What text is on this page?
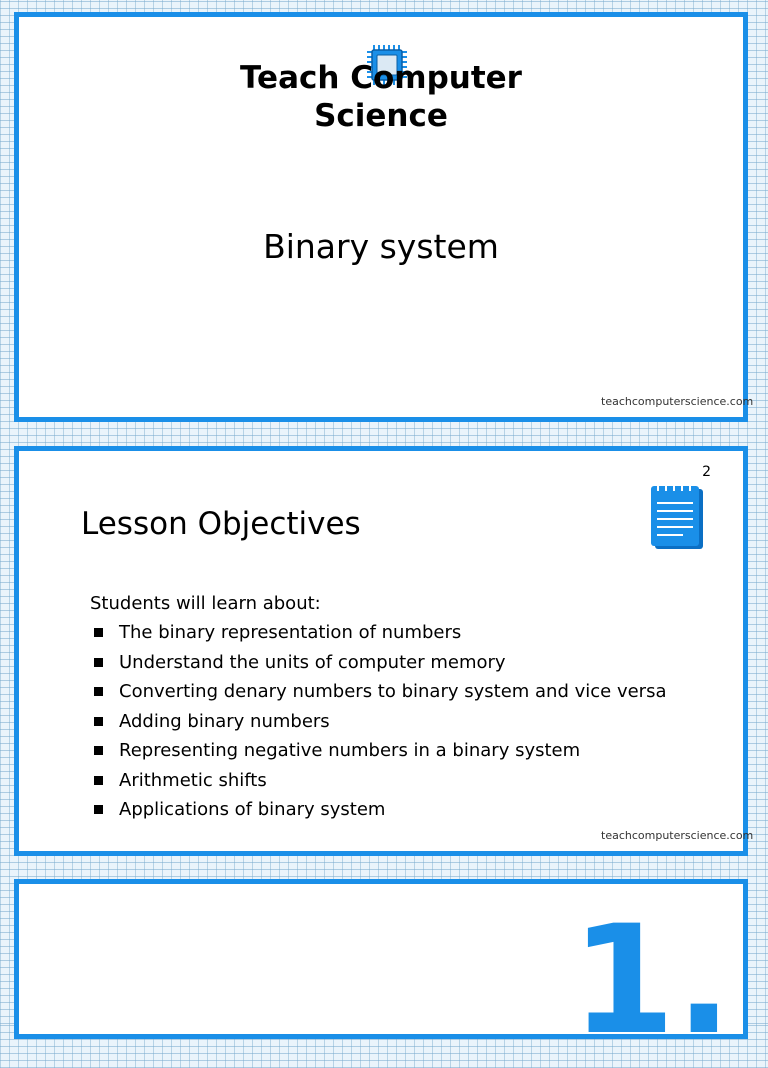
Teach Computer Science
Binary system
teachcomputerscience.com
2
Lesson Objectives
Students will learn about:
The binary representation of numbers
Understand the units of computer memory
Converting denary numbers to binary system and vice versa
Adding binary numbers
Representing negative numbers in a binary system
Arithmetic shifts
Applications of binary system
teachcomputerscience.com
1.
